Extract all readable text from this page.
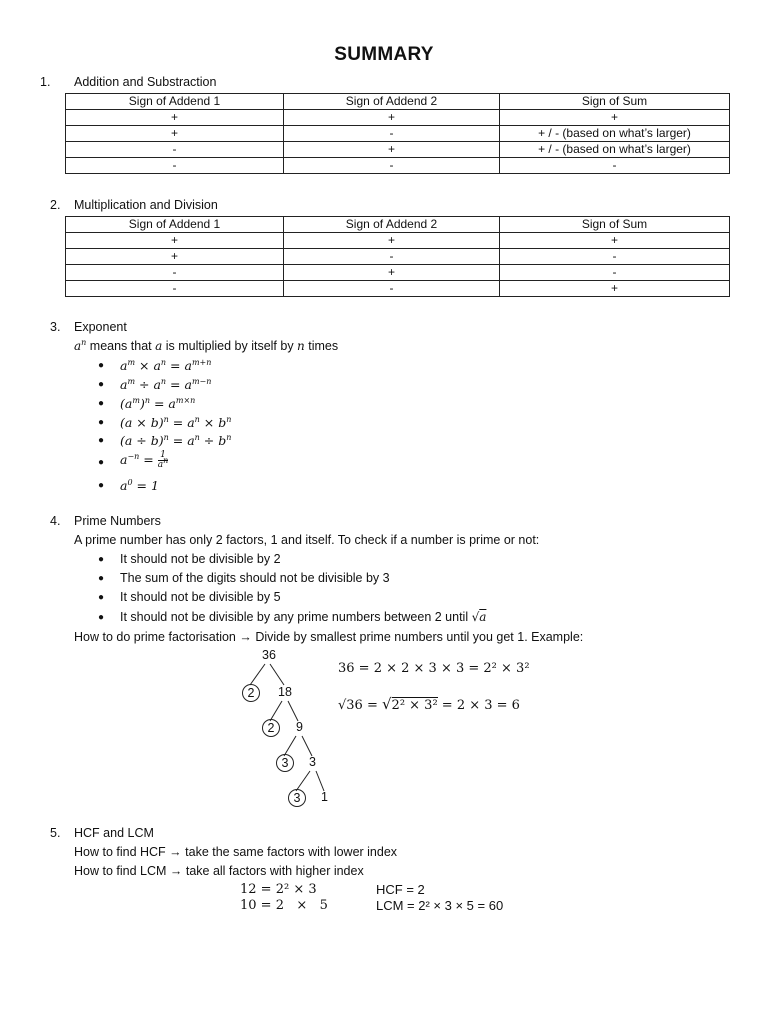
SUMMARY
1. Addition and Substraction
Sign of Addend 1	Sign of Addend 2	Sign of Sum
+	+	+
+	-	+ / - (based on what’s larger)
-	+	+ / - (based on what’s larger)
-	-	-
2. Multiplication and Division
Sign of Addend 1	Sign of Addend 2	Sign of Sum
+	+	+
+	-	-
-	+	-
-	-	+
3. Exponent
$a^n$ means that a is multiplied by itself by n times
● $a^m \times a^n = a^{m+n}$
● $a^m \div a^n = a^{m-n}$
● $(a^m)^n = a^{m\times n}$
● $(a \times b)^n = a^n \times b^n$
● $(a \div b)^n = a^n \div b^n$
● $a^{-n} = \frac{1}{a^n}$
● $a^0 = 1$
4. Prime Numbers
A prime number has only 2 factors, 1 and itself. To check if a number is prime or not:
● It should not be divisible by 2
● The sum of the digits should not be divisible by 3
● It should not be divisible by 5
● It should not be divisible by any prime numbers between 2 until √a
How to do prime factorisation → Divide by smallest prime numbers until you get 1. Example:
36
2	18
2	9
3	3
3	1
36 = 2 × 2 × 3 × 3 = 2² × 3²
√36 = √2² × 3² = 2 × 3 = 6
5. HCF and LCM
How to find HCF → take the same factors with lower index
How to find LCM → take all factors with higher index
12 = 2² × 3
10 = 2   ×   5
HCF = 2
LCM = 2² × 3 × 5 = 60
